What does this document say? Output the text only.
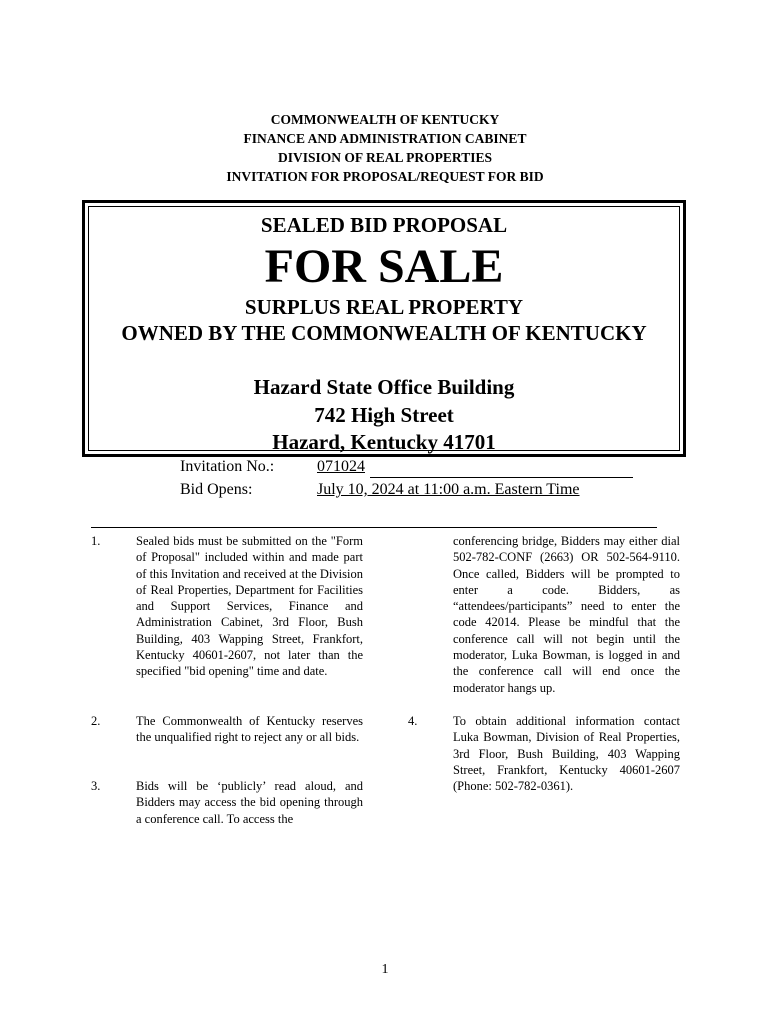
COMMONWEALTH OF KENTUCKY
FINANCE AND ADMINISTRATION CABINET
DIVISION OF REAL PROPERTIES
INVITATION FOR PROPOSAL/REQUEST FOR BID
SEALED BID PROPOSAL
FOR SALE
SURPLUS REAL PROPERTY
OWNED BY THE COMMONWEALTH OF KENTUCKY
Hazard State Office Building
742 High Street
Hazard, Kentucky 41701
Invitation No.:	071024
Bid Opens:	July 10, 2024 at 11:00 a.m. Eastern Time
1.	Sealed bids must be submitted on the "Form of Proposal" included within and made part of this Invitation and received at the Division of Real Properties, Department for Facilities and Support Services, Finance and Administration Cabinet, 3rd Floor, Bush Building, 403 Wapping Street, Frankfort, Kentucky 40601-2607, not later than the specified "bid opening" time and date.
2.	The Commonwealth of Kentucky reserves the unqualified right to reject any or all bids.
3.	Bids will be ‘publicly’ read aloud, and Bidders may access the bid opening through a conference call. To access the
conferencing bridge, Bidders may either dial 502-782-CONF (2663) OR 502-564-9110. Once called, Bidders will be prompted to enter a code. Bidders, as “attendees/participants” need to enter the code 42014. Please be mindful that the conference call will not begin until the moderator, Luka Bowman, is logged in and the conference call will end once the moderator hangs up.
4.	To obtain additional information contact Luka Bowman, Division of Real Properties, 3rd Floor, Bush Building, 403 Wapping Street, Frankfort, Kentucky 40601-2607 (Phone: 502-782-0361).
1
